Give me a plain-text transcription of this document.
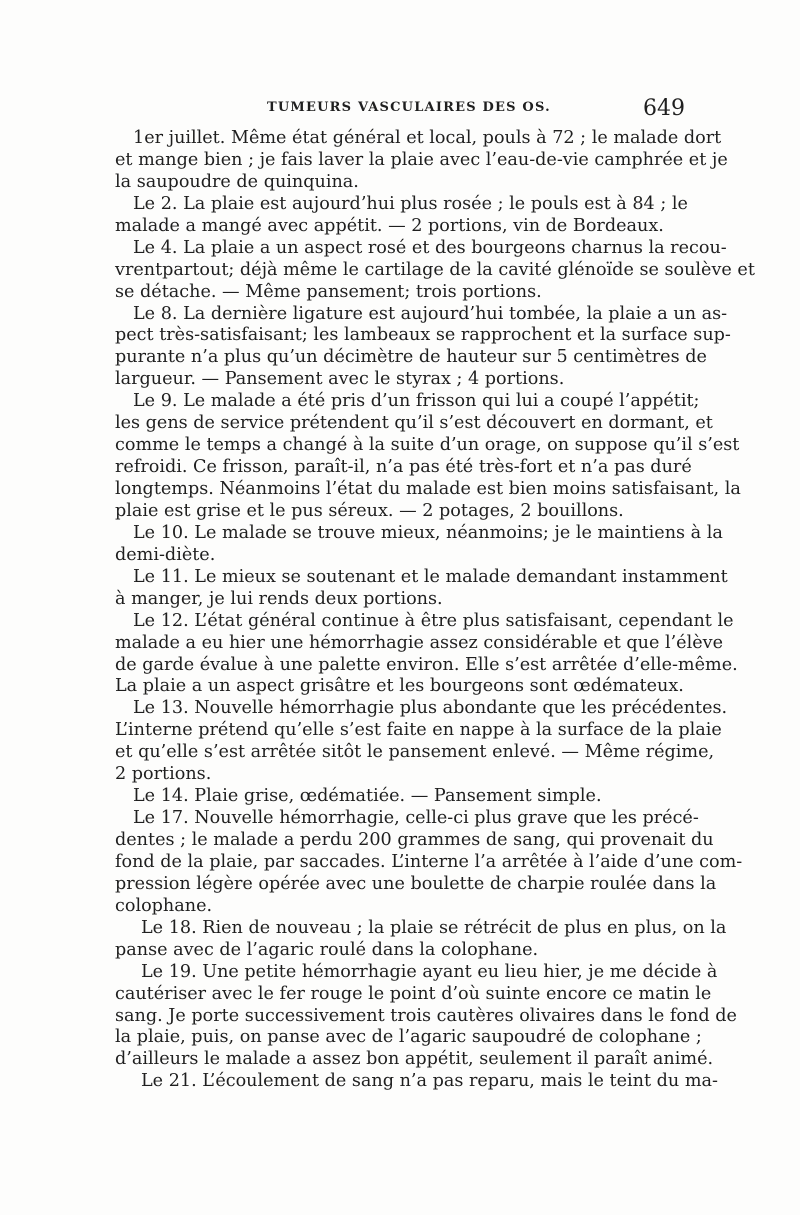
TUMEURS VASCULAIRES DES OS.	649
1er juillet. Même état général et local, pouls à 72 ; le malade dort
et mange bien ; je fais laver la plaie avec l’eau-de-vie camphrée et je
la saupoudre de quinquina.
Le 2. La plaie est aujourd’hui plus rosée ; le pouls est à 84 ; le
malade a mangé avec appétit. — 2 portions, vin de Bordeaux.
Le 4. La plaie a un aspect rosé et des bourgeons charnus la recou-
vrentpartout; déjà même le cartilage de la cavité glénoïde se soulève et
se détache. — Même pansement; trois portions.
Le 8. La dernière ligature est aujourd’hui tombée, la plaie a un as-
pect très-satisfaisant; les lambeaux se rapprochent et la surface sup-
purante n’a plus qu’un décimètre de hauteur sur 5 centimètres de
largueur. — Pansement avec le styrax ; 4 portions.
Le 9. Le malade a été pris d’un frisson qui lui a coupé l’appétit;
les gens de service prétendent qu’il s’est découvert en dormant, et
comme le temps a changé à la suite d’un orage, on suppose qu’il s’est
refroidi. Ce frisson, paraît-il, n’a pas été très-fort et n’a pas duré
longtemps. Néanmoins l’état du malade est bien moins satisfaisant, la
plaie est grise et le pus séreux. — 2 potages, 2 bouillons.
Le 10. Le malade se trouve mieux, néanmoins; je le maintiens à la
demi-diète.
Le 11. Le mieux se soutenant et le malade demandant instamment
à manger, je lui rends deux portions.
Le 12. L’état général continue à être plus satisfaisant, cependant le
malade a eu hier une hémorrhagie assez considérable et que l’élève
de garde évalue à une palette environ. Elle s’est arrêtée d’elle-même.
La plaie a un aspect grisâtre et les bourgeons sont œdémateux.
Le 13. Nouvelle hémorrhagie plus abondante que les précédentes.
L’interne prétend qu’elle s’est faite en nappe à la surface de la plaie
et qu’elle s’est arrêtée sitôt le pansement enlevé. — Même régime,
2 portions.
Le 14. Plaie grise, œdématiée. — Pansement simple.
Le 17. Nouvelle hémorrhagie, celle-ci plus grave que les précé-
dentes ; le malade a perdu 200 grammes de sang, qui provenait du
fond de la plaie, par saccades. L’interne l’a arrêtée à l’aide d’une com-
pression légère opérée avec une boulette de charpie roulée dans la
colophane.
Le 18. Rien de nouveau ; la plaie se rétrécit de plus en plus, on la
panse avec de l’agaric roulé dans la colophane.
Le 19. Une petite hémorrhagie ayant eu lieu hier, je me décide à
cautériser avec le fer rouge le point d’où suinte encore ce matin le
sang. Je porte successivement trois cautères olivaires dans le fond de
la plaie, puis, on panse avec de l’agaric saupoudré de colophane ;
d’ailleurs le malade a assez bon appétit, seulement il paraît animé.
Le 21. L’écoulement de sang n’a pas reparu, mais le teint du ma-
